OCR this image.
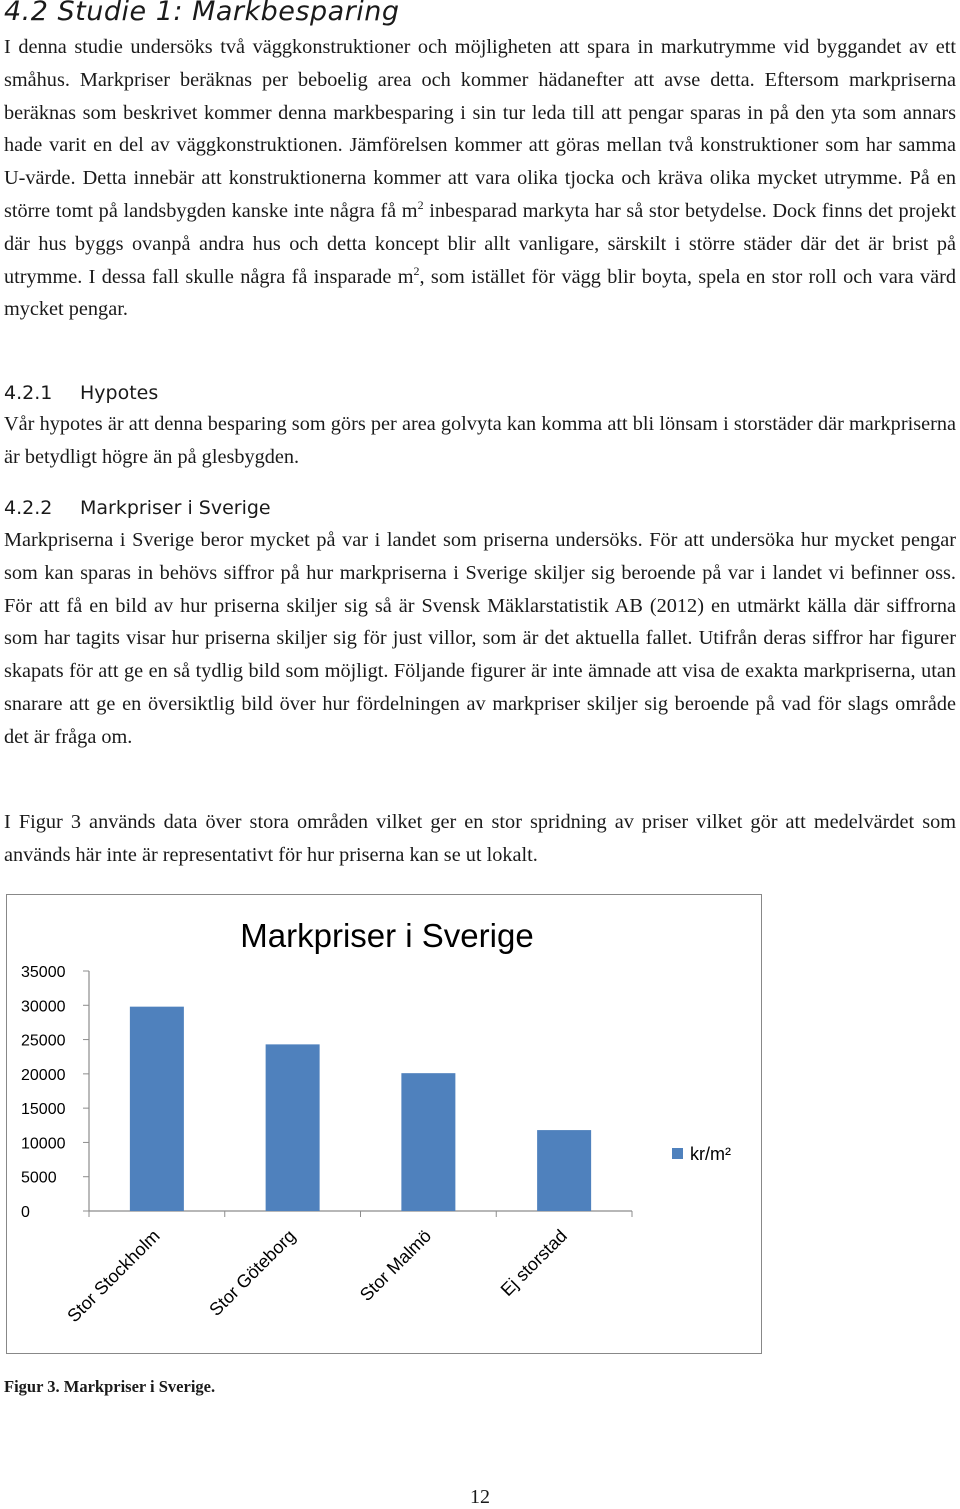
4.2 Studie 1: Markbesparing

I denna studie undersöks två väggkonstruktioner och möjligheten att spara in markutrymme vid byggandet av ett småhus. Markpriser beräknas per beboelig area och kommer hädanefter att avse detta. Eftersom markpriserna beräknas som beskrivet kommer denna markbesparing i sin tur leda till att pengar sparas in på den yta som annars hade varit en del av väggkonstruktionen. Jämförelsen kommer att göras mellan två konstruktioner som har samma U-värde. Detta innebär att konstruktionerna kommer att vara olika tjocka och kräva olika mycket utrymme. På en större tomt på landsbygden kanske inte några få $m^2$ inbesparad markyta har så stor betydelse. Dock finns det projekt där hus byggs ovanpå andra hus och detta koncept blir allt vanligare, särskilt i större städer där det är brist på utrymme. I dessa fall skulle några få insparade $m^2$, som istället för vägg blir boyta, spela en stor roll och vara värd mycket pengar.

4.2.1 Hypotes

Vår hypotes är att denna besparing som görs per area golvyta kan komma att bli lönsam i storstäder där markpriserna är betydligt högre än på glesbygden.

4.2.2 Markpriser i Sverige

Markpriserna i Sverige beror mycket på var i landet som priserna undersöks. För att undersöka hur mycket pengar som kan sparas in behövs siffror på hur markpriserna i Sverige skiljer sig beroende på var i landet vi befinner oss. För att få en bild av hur priserna skiljer sig så är Svensk Mäklarstatistik AB (2012) en utmärkt källa där siffrorna som har tagits visar hur priserna skiljer sig för just villor, som är det aktuella fallet. Utifrån deras siffror har figurer skapats för att ge en så tydlig bild som möjligt. Följande figurer är inte ämnade att visa de exakta markpriserna, utan snarare att ge en översiktlig bild över hur fördelningen av markpriser skiljer sig beroende på vad för slags område det är fråga om.

I Figur 3 används data över stora områden vilket ger en stor spridning av priser vilket gör att medelvärdet som används här inte är representativt för hur priserna kan se ut lokalt.

Markpriser i Sverige
0
5000
10000
15000
20000
25000
30000
35000
Stor Stockholm Stor Göteborg	Stor Malmö	Ej storstad
kr/m²

Figur 3. Markpriser i Sverige.

12
